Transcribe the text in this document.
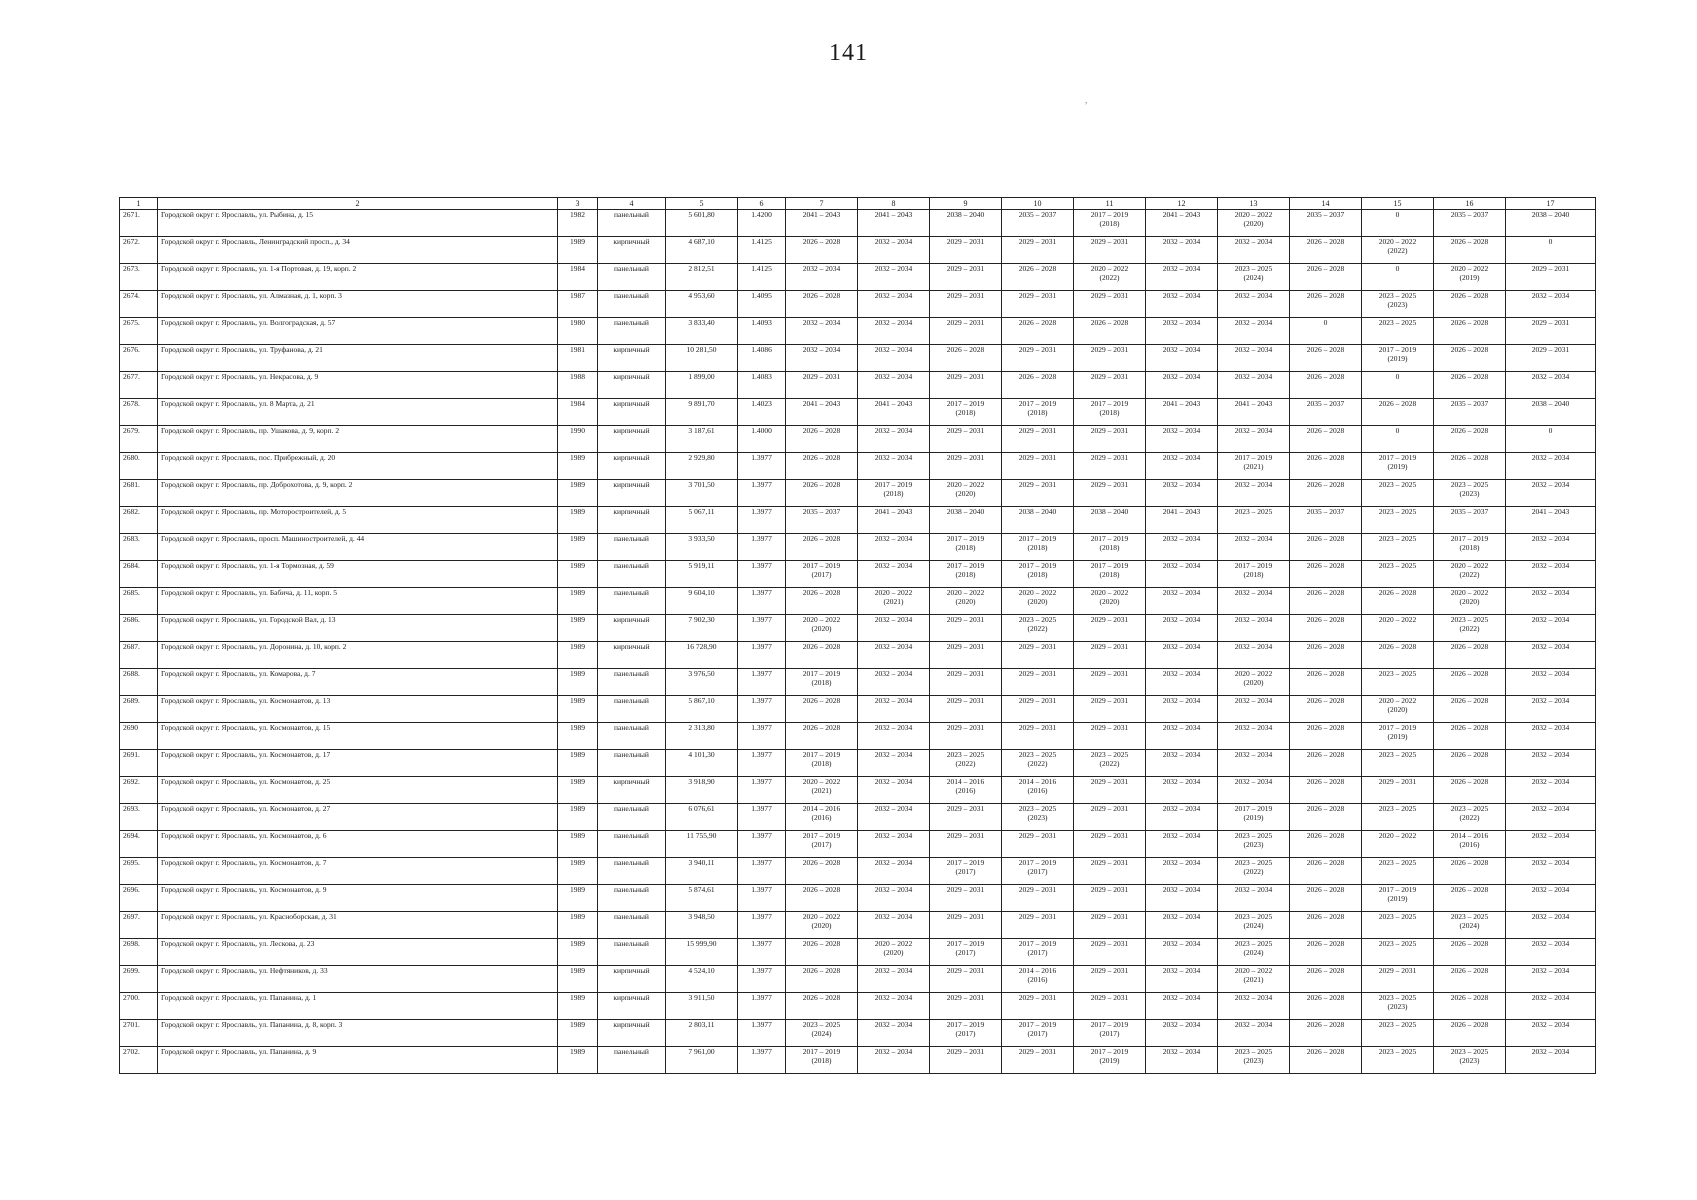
141
,
1	2	3	4	5	6	7	8	9	10	11	12	13	14	15	16	17
2671.	Городской округ г. Ярославль, ул. Рыбина, д. 15	1982	панельный	5 601,80	1.4200	2041 – 2043	2041 – 2043	2038 – 2040	2035 – 2037	2017 – 2019
(2018)	2041 – 2043	2020 – 2022
(2020)	2035 – 2037	0	2035 – 2037	2038 – 2040
2672.	Городской округ г. Ярославль, Ленинградский просп., д. 34	1989	кирпичный	4 687,10	1.4125	2026 – 2028	2032 – 2034	2029 – 2031	2029 – 2031	2029 – 2031	2032 – 2034	2032 – 2034	2026 – 2028	2020 – 2022
(2022)	2026 – 2028	0
2673.	Городской округ г. Ярославль, ул. 1-я Портовая, д. 19, корп. 2	1984	панельный	2 812,51	1.4125	2032 – 2034	2032 – 2034	2029 – 2031	2026 – 2028	2020 – 2022
(2022)	2032 – 2034	2023 – 2025
(2024)	2026 – 2028	0	2020 – 2022
(2019)	2029 – 2031
2674.	Городской округ г. Ярославль, ул. Алмазная, д. 1, корп. 3	1987	панельный	4 953,60	1.4095	2026 – 2028	2032 – 2034	2029 – 2031	2029 – 2031	2029 – 2031	2032 – 2034	2032 – 2034	2026 – 2028	2023 – 2025
(2023)	2026 – 2028	2032 – 2034
2675.	Городской округ г. Ярославль, ул. Волгоградская, д. 57	1980	панельный	3 833,40	1.4093	2032 – 2034	2032 – 2034	2029 – 2031	2026 – 2028	2026 – 2028	2032 – 2034	2032 – 2034	0	2023 – 2025	2026 – 2028	2029 – 2031
2676.	Городской округ г. Ярославль, ул. Труфанова, д. 21	1981	кирпичный	10 281,50	1.4086	2032 – 2034	2032 – 2034	2026 – 2028	2029 – 2031	2029 – 2031	2032 – 2034	2032 – 2034	2026 – 2028	2017 – 2019
(2019)	2026 – 2028	2029 – 2031
2677.	Городской округ г. Ярославль, ул. Некрасова, д. 9	1988	кирпичный	1 899,00	1.4083	2029 – 2031	2032 – 2034	2029 – 2031	2026 – 2028	2029 – 2031	2032 – 2034	2032 – 2034	2026 – 2028	0	2026 – 2028	2032 – 2034
2678.	Городской округ г. Ярославль, ул. 8 Марта, д. 21	1984	кирпичный	9 891,70	1.4023	2041 – 2043	2041 – 2043	2017 – 2019
(2018)	2017 – 2019
(2018)	2017 – 2019
(2018)	2041 – 2043	2041 – 2043	2035 – 2037	2026 – 2028	2035 – 2037	2038 – 2040
2679.	Городской округ г. Ярославль, пр. Ушакова, д. 9, корп. 2	1990	кирпичный	3 187,61	1.4000	2026 – 2028	2032 – 2034	2029 – 2031	2029 – 2031	2029 – 2031	2032 – 2034	2032 – 2034	2026 – 2028	0	2026 – 2028	0
2680.	Городской округ г. Ярославль, пос. Прибрежный, д. 20	1989	кирпичный	2 929,80	1.3977	2026 – 2028	2032 – 2034	2029 – 2031	2029 – 2031	2029 – 2031	2032 – 2034	2017 – 2019
(2021)	2026 – 2028	2017 – 2019
(2019)	2026 – 2028	2032 – 2034
2681.	Городской округ г. Ярославль, пр. Доброхотова, д. 9, корп. 2	1989	кирпичный	3 701,50	1.3977	2026 – 2028	2017 – 2019
(2018)	2020 – 2022
(2020)	2029 – 2031	2029 – 2031	2032 – 2034	2032 – 2034	2026 – 2028	2023 – 2025	2023 – 2025
(2023)	2032 – 2034
2682.	Городской округ г. Ярославль, пр. Моторостроителей, д. 5	1989	кирпичный	5 067,11	1.3977	2035 – 2037	2041 – 2043	2038 – 2040	2038 – 2040	2038 – 2040	2041 – 2043	2023 – 2025	2035 – 2037	2023 – 2025	2035 – 2037	2041 – 2043
2683.	Городской округ г. Ярославль, просп. Машиностроителей, д. 44	1989	панельный	3 933,50	1.3977	2026 – 2028	2032 – 2034	2017 – 2019
(2018)	2017 – 2019
(2018)	2017 – 2019
(2018)	2032 – 2034	2032 – 2034	2026 – 2028	2023 – 2025	2017 – 2019
(2018)	2032 – 2034
2684.	Городской округ г. Ярославль, ул. 1-я Тормозная, д. 59	1989	панельный	5 919,11	1.3977	2017 – 2019
(2017)	2032 – 2034	2017 – 2019
(2018)	2017 – 2019
(2018)	2017 – 2019
(2018)	2032 – 2034	2017 – 2019
(2018)	2026 – 2028	2023 – 2025	2020 – 2022
(2022)	2032 – 2034
2685.	Городской округ г. Ярославль, ул. Бабича, д. 11, корп. 5	1989	панельный	9 604,10	1.3977	2026 – 2028	2020 – 2022
(2021)	2020 – 2022
(2020)	2020 – 2022
(2020)	2020 – 2022
(2020)	2032 – 2034	2032 – 2034	2026 – 2028	2026 – 2028	2020 – 2022
(2020)	2032 – 2034
2686.	Городской округ г. Ярославль, ул. Городской Вал, д. 13	1989	кирпичный	7 902,30	1.3977	2020 – 2022
(2020)	2032 – 2034	2029 – 2031	2023 – 2025
(2022)	2029 – 2031	2032 – 2034	2032 – 2034	2026 – 2028	2020 – 2022	2023 – 2025
(2022)	2032 – 2034
2687.	Городской округ г. Ярославль, ул. Доронина, д. 10, корп. 2	1989	кирпичный	16 728,90	1.3977	2026 – 2028	2032 – 2034	2029 – 2031	2029 – 2031	2029 – 2031	2032 – 2034	2032 – 2034	2026 – 2028	2026 – 2028	2026 – 2028	2032 – 2034
2688.	Городской округ г. Ярославль, ул. Комарова, д. 7	1989	панельный	3 976,50	1.3977	2017 – 2019
(2018)	2032 – 2034	2029 – 2031	2029 – 2031	2029 – 2031	2032 – 2034	2020 – 2022
(2020)	2026 – 2028	2023 – 2025	2026 – 2028	2032 – 2034
2689.	Городской округ г. Ярославль, ул. Космонавтов, д. 13	1989	панельный	5 867,10	1.3977	2026 – 2028	2032 – 2034	2029 – 2031	2029 – 2031	2029 – 2031	2032 – 2034	2032 – 2034	2026 – 2028	2020 – 2022
(2020)	2026 – 2028	2032 – 2034
2690	Городской округ г. Ярославль, ул. Космонавтов, д. 15	1989	панельный	2 313,80	1.3977	2026 – 2028	2032 – 2034	2029 – 2031	2029 – 2031	2029 – 2031	2032 – 2034	2032 – 2034	2026 – 2028	2017 – 2019
(2019)	2026 – 2028	2032 – 2034
2691.	Городской округ г. Ярославль, ул. Космонавтов, д. 17	1989	панельный	4 101,30	1.3977	2017 – 2019
(2018)	2032 – 2034	2023 – 2025
(2022)	2023 – 2025
(2022)	2023 – 2025
(2022)	2032 – 2034	2032 – 2034	2026 – 2028	2023 – 2025	2026 – 2028	2032 – 2034
2692.	Городской округ г. Ярославль, ул. Космонавтов, д. 25	1989	кирпичный	3 918,90	1.3977	2020 – 2022
(2021)	2032 – 2034	2014 – 2016
(2016)	2014 – 2016
(2016)	2029 – 2031	2032 – 2034	2032 – 2034	2026 – 2028	2029 – 2031	2026 – 2028	2032 – 2034
2693.	Городской округ г. Ярославль, ул. Космонавтов, д. 27	1989	панельный	6 076,61	1.3977	2014 – 2016
(2016)	2032 – 2034	2029 – 2031	2023 – 2025
(2023)	2029 – 2031	2032 – 2034	2017 – 2019
(2019)	2026 – 2028	2023 – 2025	2023 – 2025
(2022)	2032 – 2034
2694.	Городской округ г. Ярославль, ул. Космонавтов, д. 6	1989	панельный	11 755,90	1.3977	2017 – 2019
(2017)	2032 – 2034	2029 – 2031	2029 – 2031	2029 – 2031	2032 – 2034	2023 – 2025
(2023)	2026 – 2028	2020 – 2022	2014 – 2016
(2016)	2032 – 2034
2695.	Городской округ г. Ярославль, ул. Космонавтов, д. 7	1989	панельный	3 940,11	1.3977	2026 – 2028	2032 – 2034	2017 – 2019
(2017)	2017 – 2019
(2017)	2029 – 2031	2032 – 2034	2023 – 2025
(2022)	2026 – 2028	2023 – 2025	2026 – 2028	2032 – 2034
2696.	Городской округ г. Ярославль, ул. Космонавтов, д. 9	1989	панельный	5 874,61	1.3977	2026 – 2028	2032 – 2034	2029 – 2031	2029 – 2031	2029 – 2031	2032 – 2034	2032 – 2034	2026 – 2028	2017 – 2019
(2019)	2026 – 2028	2032 – 2034
2697.	Городской округ г. Ярославль, ул. Красноборская, д. 31	1989	панельный	3 948,50	1.3977	2020 – 2022
(2020)	2032 – 2034	2029 – 2031	2029 – 2031	2029 – 2031	2032 – 2034	2023 – 2025
(2024)	2026 – 2028	2023 – 2025	2023 – 2025
(2024)	2032 – 2034
2698.	Городской округ г. Ярославль, ул. Лескова, д. 23	1989	панельный	15 999,90	1.3977	2026 – 2028	2020 – 2022
(2020)	2017 – 2019
(2017)	2017 – 2019
(2017)	2029 – 2031	2032 – 2034	2023 – 2025
(2024)	2026 – 2028	2023 – 2025	2026 – 2028	2032 – 2034
2699.	Городской округ г. Ярославль, ул. Нефтяников, д. 33	1989	кирпичный	4 524,10	1.3977	2026 – 2028	2032 – 2034	2029 – 2031	2014 – 2016
(2016)	2029 – 2031	2032 – 2034	2020 – 2022
(2021)	2026 – 2028	2029 – 2031	2026 – 2028	2032 – 2034
2700.	Городской округ г. Ярославль, ул. Папанина, д. 1	1989	кирпичный	3 911,50	1.3977	2026 – 2028	2032 – 2034	2029 – 2031	2029 – 2031	2029 – 2031	2032 – 2034	2032 – 2034	2026 – 2028	2023 – 2025
(2023)	2026 – 2028	2032 – 2034
2701.	Городской округ г. Ярославль, ул. Папанина, д. 8, корп. 3	1989	кирпичный	2 803,11	1.3977	2023 – 2025
(2024)	2032 – 2034	2017 – 2019
(2017)	2017 – 2019
(2017)	2017 – 2019
(2017)	2032 – 2034	2032 – 2034	2026 – 2028	2023 – 2025	2026 – 2028	2032 – 2034
2702.	Городской округ г. Ярославль, ул. Папанина, д. 9	1989	панельный	7 961,00	1.3977	2017 – 2019
(2018)	2032 – 2034	2029 – 2031	2029 – 2031	2017 – 2019
(2019)	2032 – 2034	2023 – 2025
(2023)	2026 – 2028	2023 – 2025	2023 – 2025
(2023)	2032 – 2034
